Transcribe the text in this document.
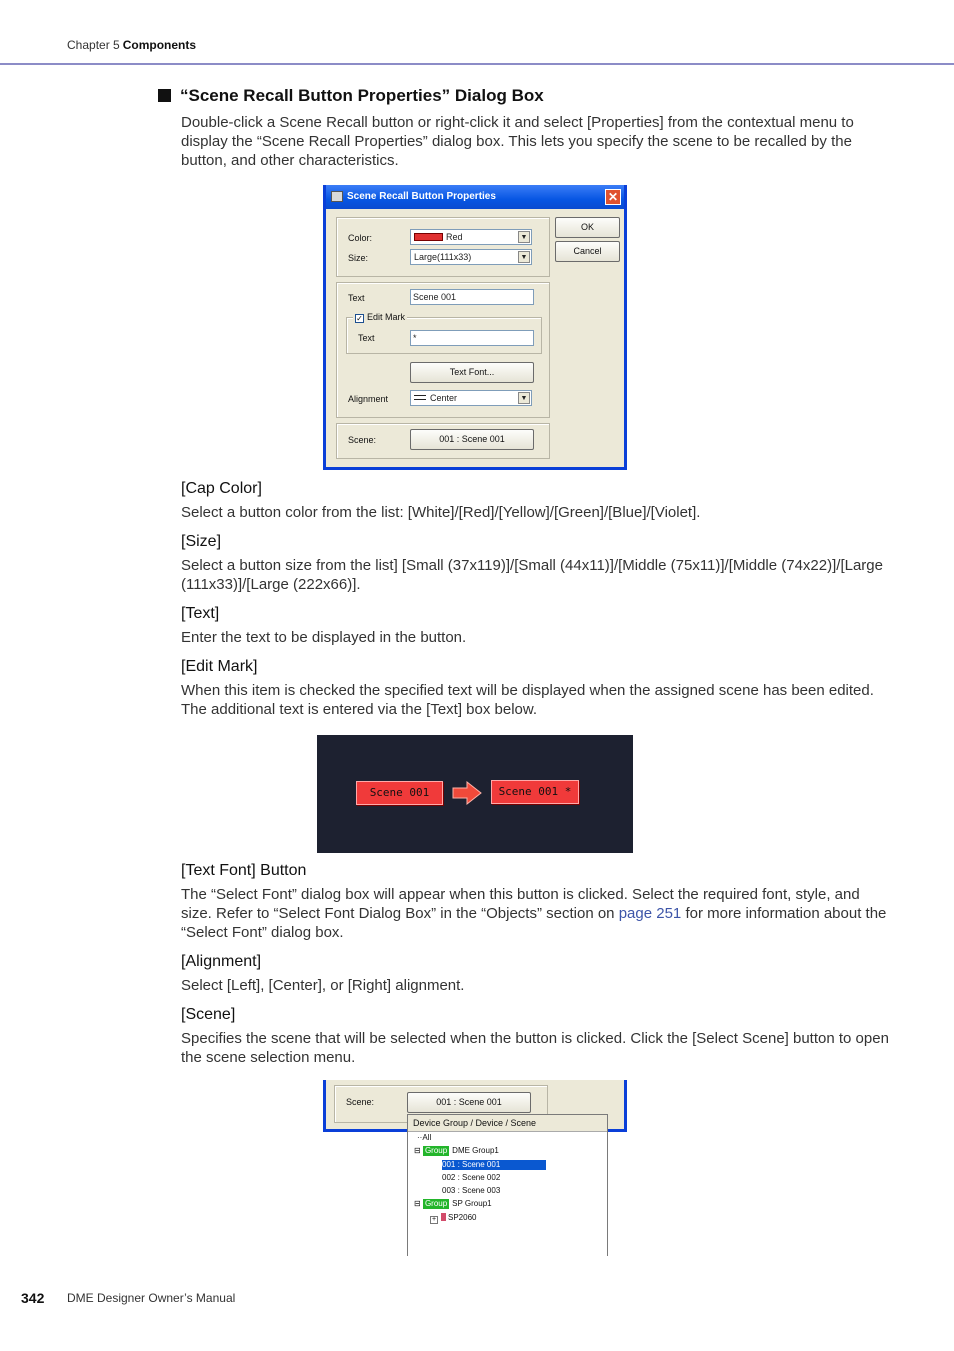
Chapter 5 Components
“Scene Recall Button Properties” Dialog Box
Double-click a Scene Recall button or right-click it and select [Properties] from the contextual menu to display the “Scene Recall Properties” dialog box. This lets you specify the scene to be recalled by the button, and other characteristics.
Scene Recall Button Properties	✕
Color:	Red	▼
Size:	Large(111x33)	▼
Text	Scene 001
✓ Edit Mark
Text	*
Text Font...
Alignment	Center	▼
Scene:	001 : Scene 001
OK
Cancel
[Cap Color]
Select a button color from the list: [White]/[Red]/[Yellow]/[Green]/[Blue]/[Violet].
[Size]
Select a button size from the list] [Small (37x119)]/[Small (44x11)]/[Middle (75x11)]/[Middle (74x22)]/[Large (111x33)]/[Large (222x66)].
[Text]
Enter the text to be displayed in the button.
[Edit Mark]
When this item is checked the specified text will be displayed when the assigned scene has been edited. The additional text is entered via the [Text] box below.
Scene 001	Scene 001 *
[Text Font] Button
The “Select Font” dialog box will appear when this button is clicked. Select the required font, style, and size. Refer to “Select Font Dialog Box” in the “Objects” section on page 251 for more information about the “Select Font” dialog box.
[Alignment]
Select [Left], [Center], or [Right] alignment.
[Scene]
Specifies the scene that will be selected when the button is clicked. Click the [Select Scene] button to open the scene selection menu.
Scene:	001 : Scene 001
Device Group / Device / Scene
··All
⊟ Group DME Group1
001 : Scene 001
002 : Scene 002
003 : Scene 003
⊟ Group SP Group1
+ SP2060
342 DME Designer Owner’s Manual
